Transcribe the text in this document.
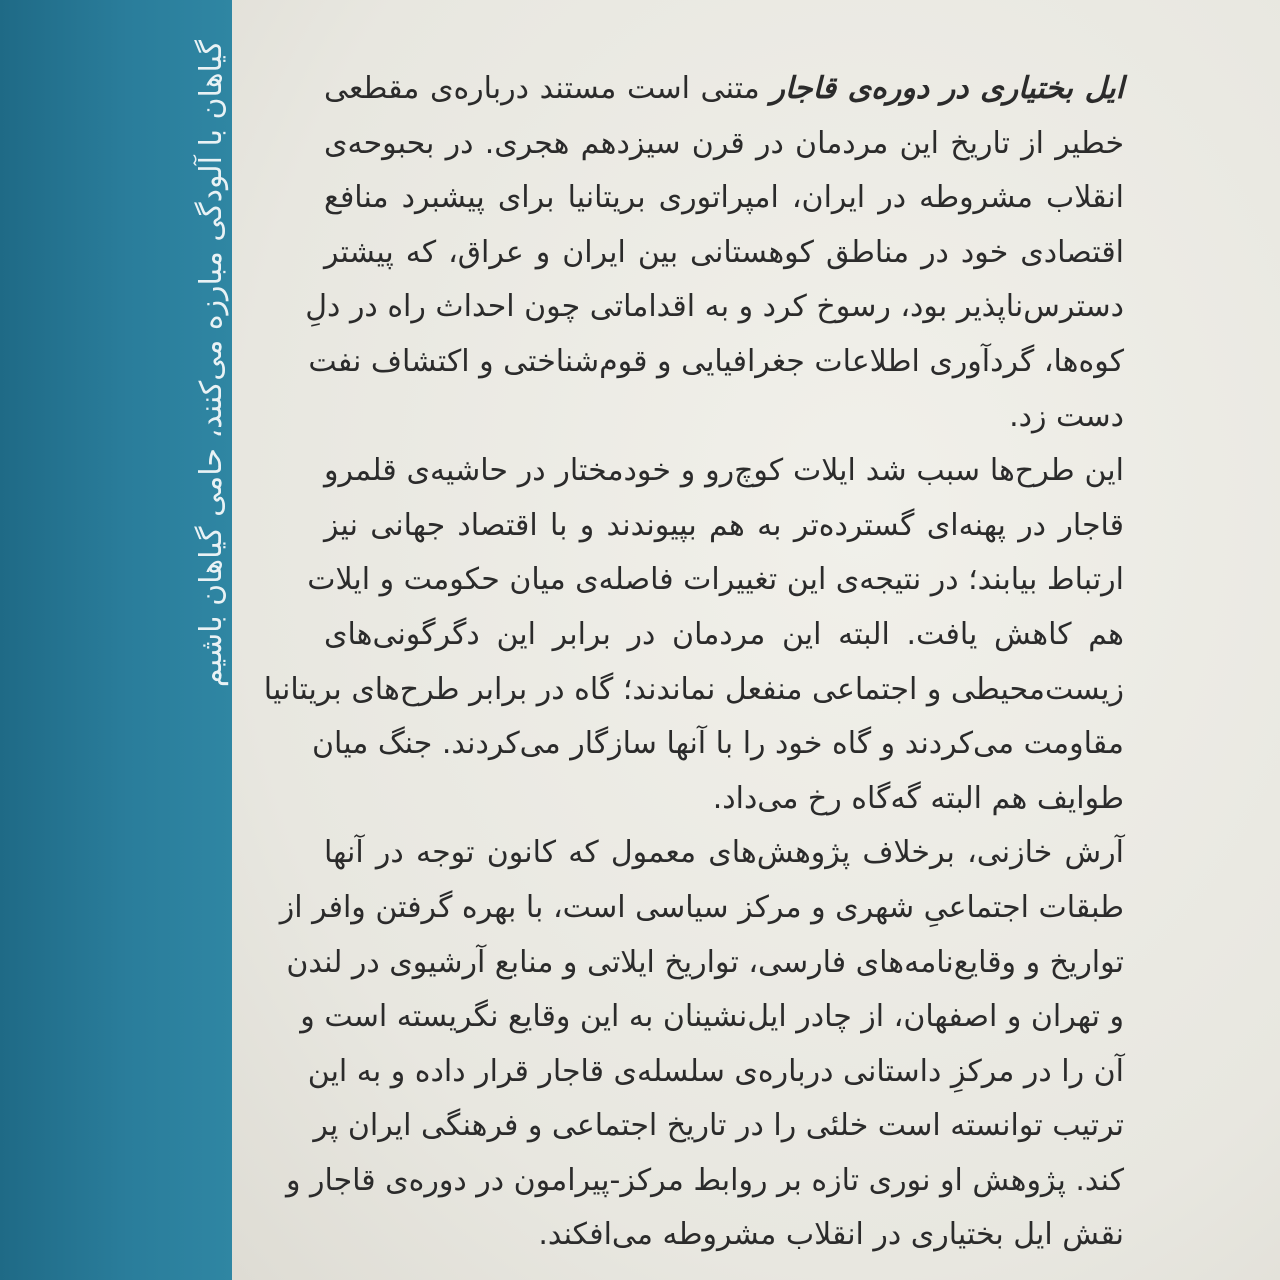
گیاهان با آلودگی مبارزه می‌کنند، حامی گیاهان باشیم	ایل بختیاری در دوره‌ی قاجار متنی است مستند درباره‌ی مقطعی
خطیر از تاریخ این مردمان در قرن سیزدهم هجری. در بحبوحه‌ی
انقلاب مشروطه در ایران، امپراتوری بریتانیا برای پیشبرد منافع
اقتصادی خود در مناطق کوهستانی بین ایران و عراق، که پیشتر
دسترس‌ناپذیر بود، رسوخ کرد و به اقداماتی چون احداث راه در دلِ
کوه‌ها، گردآوری اطلاعات جغرافیایی و قوم‌شناختی و اکتشاف نفت
دست زد.
این طرح‌ها سبب شد ایلات کوچ‌رو و خودمختار در حاشیه‌ی قلمرو
قاجار در پهنه‌ای گسترده‌تر به هم بپیوندند و با اقتصاد جهانی نیز
ارتباط بیابند؛ در نتیجه‌ی این تغییرات فاصله‌ی میان حکومت و ایلات
هم کاهش یافت. البته این مردمان در برابر این دگرگونی‌های
زیست‌محیطی و اجتماعی منفعل نماندند؛ گاه در برابر طرح‌های بریتانیا
مقاومت می‌کردند و گاه خود را با آنها سازگار می‌کردند. جنگ میان
طوایف هم البته گه‌گاه رخ می‌داد.
آرش خازنی، برخلاف پژوهش‌های معمول که کانون توجه در آنها
طبقات اجتماعیِ شهری و مرکز سیاسی است، با بهره گرفتن وافر از
تواریخ و وقایع‌نامه‌های فارسی، تواریخ ایلاتی و منابع آرشیوی در لندن
و تهران و اصفهان، از چادر ایل‌نشینان به این وقایع نگریسته است و
آن را در مرکزِ داستانی درباره‌ی سلسله‌ی قاجار قرار داده و به این
ترتیب توانسته است خلئی را در تاریخ اجتماعی و فرهنگی ایران پر
کند. پژوهش او نوری تازه بر روابط مرکز-پیرامون در دوره‌ی قاجار و
نقش ایل بختیاری در انقلاب مشروطه می‌افکند.
